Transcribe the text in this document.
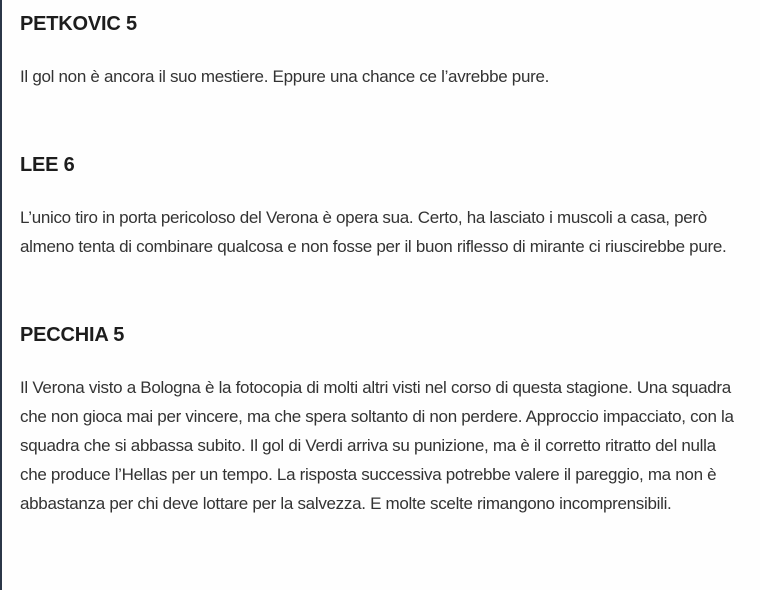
PETKOVIC 5

Il gol non è ancora il suo mestiere. Eppure una chance ce l’avrebbe pure.

LEE 6

L’unico tiro in porta pericoloso del Verona è opera sua. Certo, ha lasciato i muscoli a casa, però almeno tenta di combinare qualcosa e non fosse per il buon riflesso di mirante ci riuscirebbe pure.

PECCHIA 5

Il Verona visto a Bologna è la fotocopia di molti altri visti nel corso di questa stagione. Una squadra che non gioca mai per vincere, ma che spera soltanto di non perdere. Approccio impacciato, con la squadra che si abbassa subito. Il gol di Verdi arriva su punizione, ma è il corretto ritratto del nulla che produce l’Hellas per un tempo. La risposta successiva potrebbe valere il pareggio, ma non è abbastanza per chi deve lottare per la salvezza. E molte scelte rimangono incomprensibili.
